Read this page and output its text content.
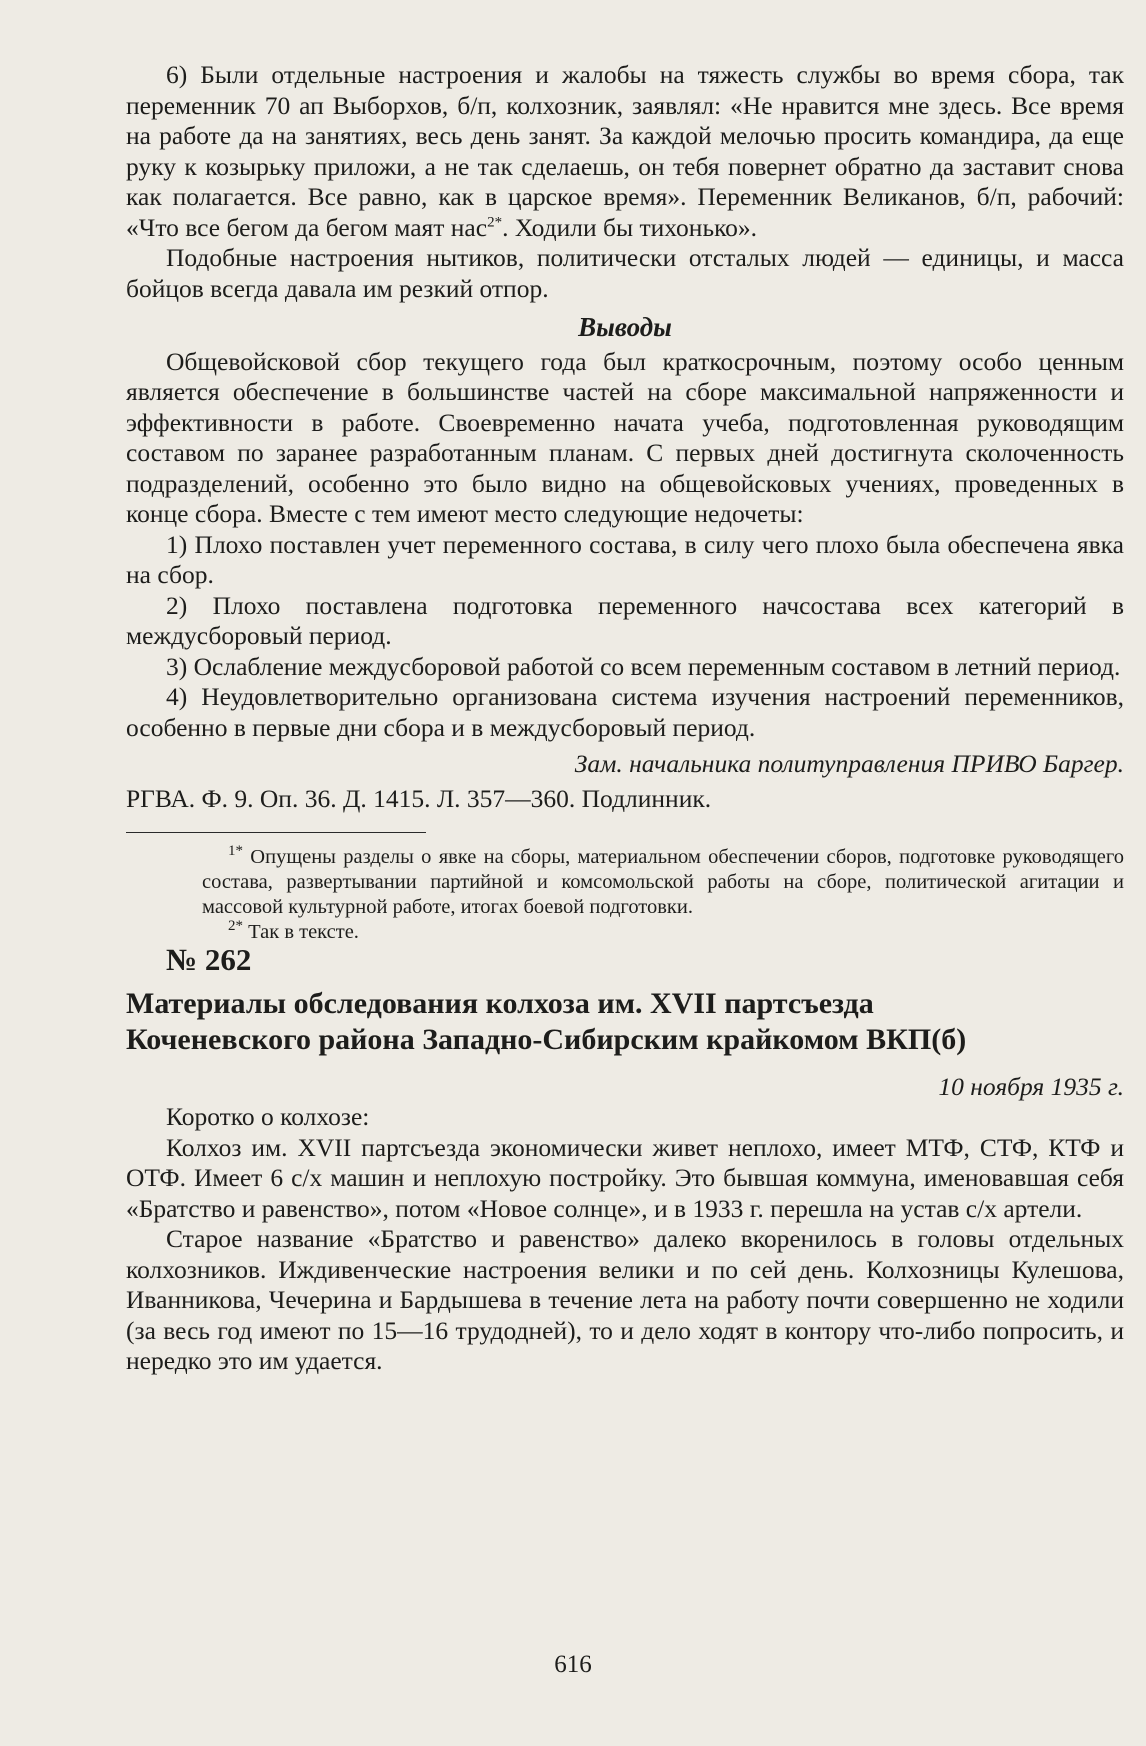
6) Были отдельные настроения и жалобы на тяжесть службы во время сбора, так переменник 70 ап Выборхов, б/п, колхозник, заявлял: «Не нравится мне здесь. Все время на работе да на занятиях, весь день занят. За каждой мелочью просить командира, да еще руку к козырьку приложи, а не так сделаешь, он тебя повернет обратно да заставит снова как полагается. Все равно, как в царское время». Переменник Великанов, б/п, рабочий: «Что все бегом да бегом маят нас$^{2*}$. Ходили бы тихонько».

Подобные настроения нытиков, политически отсталых людей — единицы, и масса бойцов всегда давала им резкий отпор.

Выводы

Общевойсковой сбор текущего года был краткосрочным, поэтому особо ценным является обеспечение в большинстве частей на сборе максимальной напряженности и эффективности в работе. Своевременно начата учеба, подготовленная руководящим составом по заранее разработанным планам. С первых дней достигнута сколоченность подразделений, особенно это было видно на общевойсковых учениях, проведенных в конце сбора. Вместе с тем имеют место следующие недочеты:

1) Плохо поставлен учет переменного состава, в силу чего плохо была обеспечена явка на сбор.

2) Плохо поставлена подготовка переменного начсостава всех категорий в междусборовый период.

3) Ослабление междусборовой работой со всем переменным составом в летний период.

4) Неудовлетворительно организована система изучения настроений переменников, особенно в первые дни сбора и в междусборовый период.

Зам. начальника политуправления ПРИВО Баргер.
РГВА. Ф. 9. Оп. 36. Д. 1415. Л. 357—360. Подлинник.

$^{1*}$ Опущены разделы о явке на сборы, материальном обеспечении сборов, подготовке руководящего состава, развертывании партийной и комсомольской работы на сборе, политической агитации и массовой культурной работе, итогах боевой подготовки.

$^{2*}$ Так в тексте.

№ 262

Материалы обследования колхоза им. XVII партсъезда
Коченевского района Западно-Сибирским крайкомом ВКП(б)
10 ноября 1935 г.

Коротко о колхозе:

Колхоз им. XVII партсъезда экономически живет неплохо, имеет МТФ, СТФ, КТФ и ОТФ. Имеет 6 с/х машин и неплохую постройку. Это бывшая коммуна, именовавшая себя «Братство и равенство», потом «Новое солнце», и в 1933 г. перешла на устав с/х артели.

Старое название «Братство и равенство» далеко вкоренилось в головы отдельных колхозников. Иждивенческие настроения велики и по сей день. Колхозницы Кулешова, Иванникова, Чечерина и Бардышева в течение лета на работу почти совершенно не ходили (за весь год имеют по 15—16 трудодней), то и дело ходят в контору что-либо попросить, и нередко это им удается.

616
